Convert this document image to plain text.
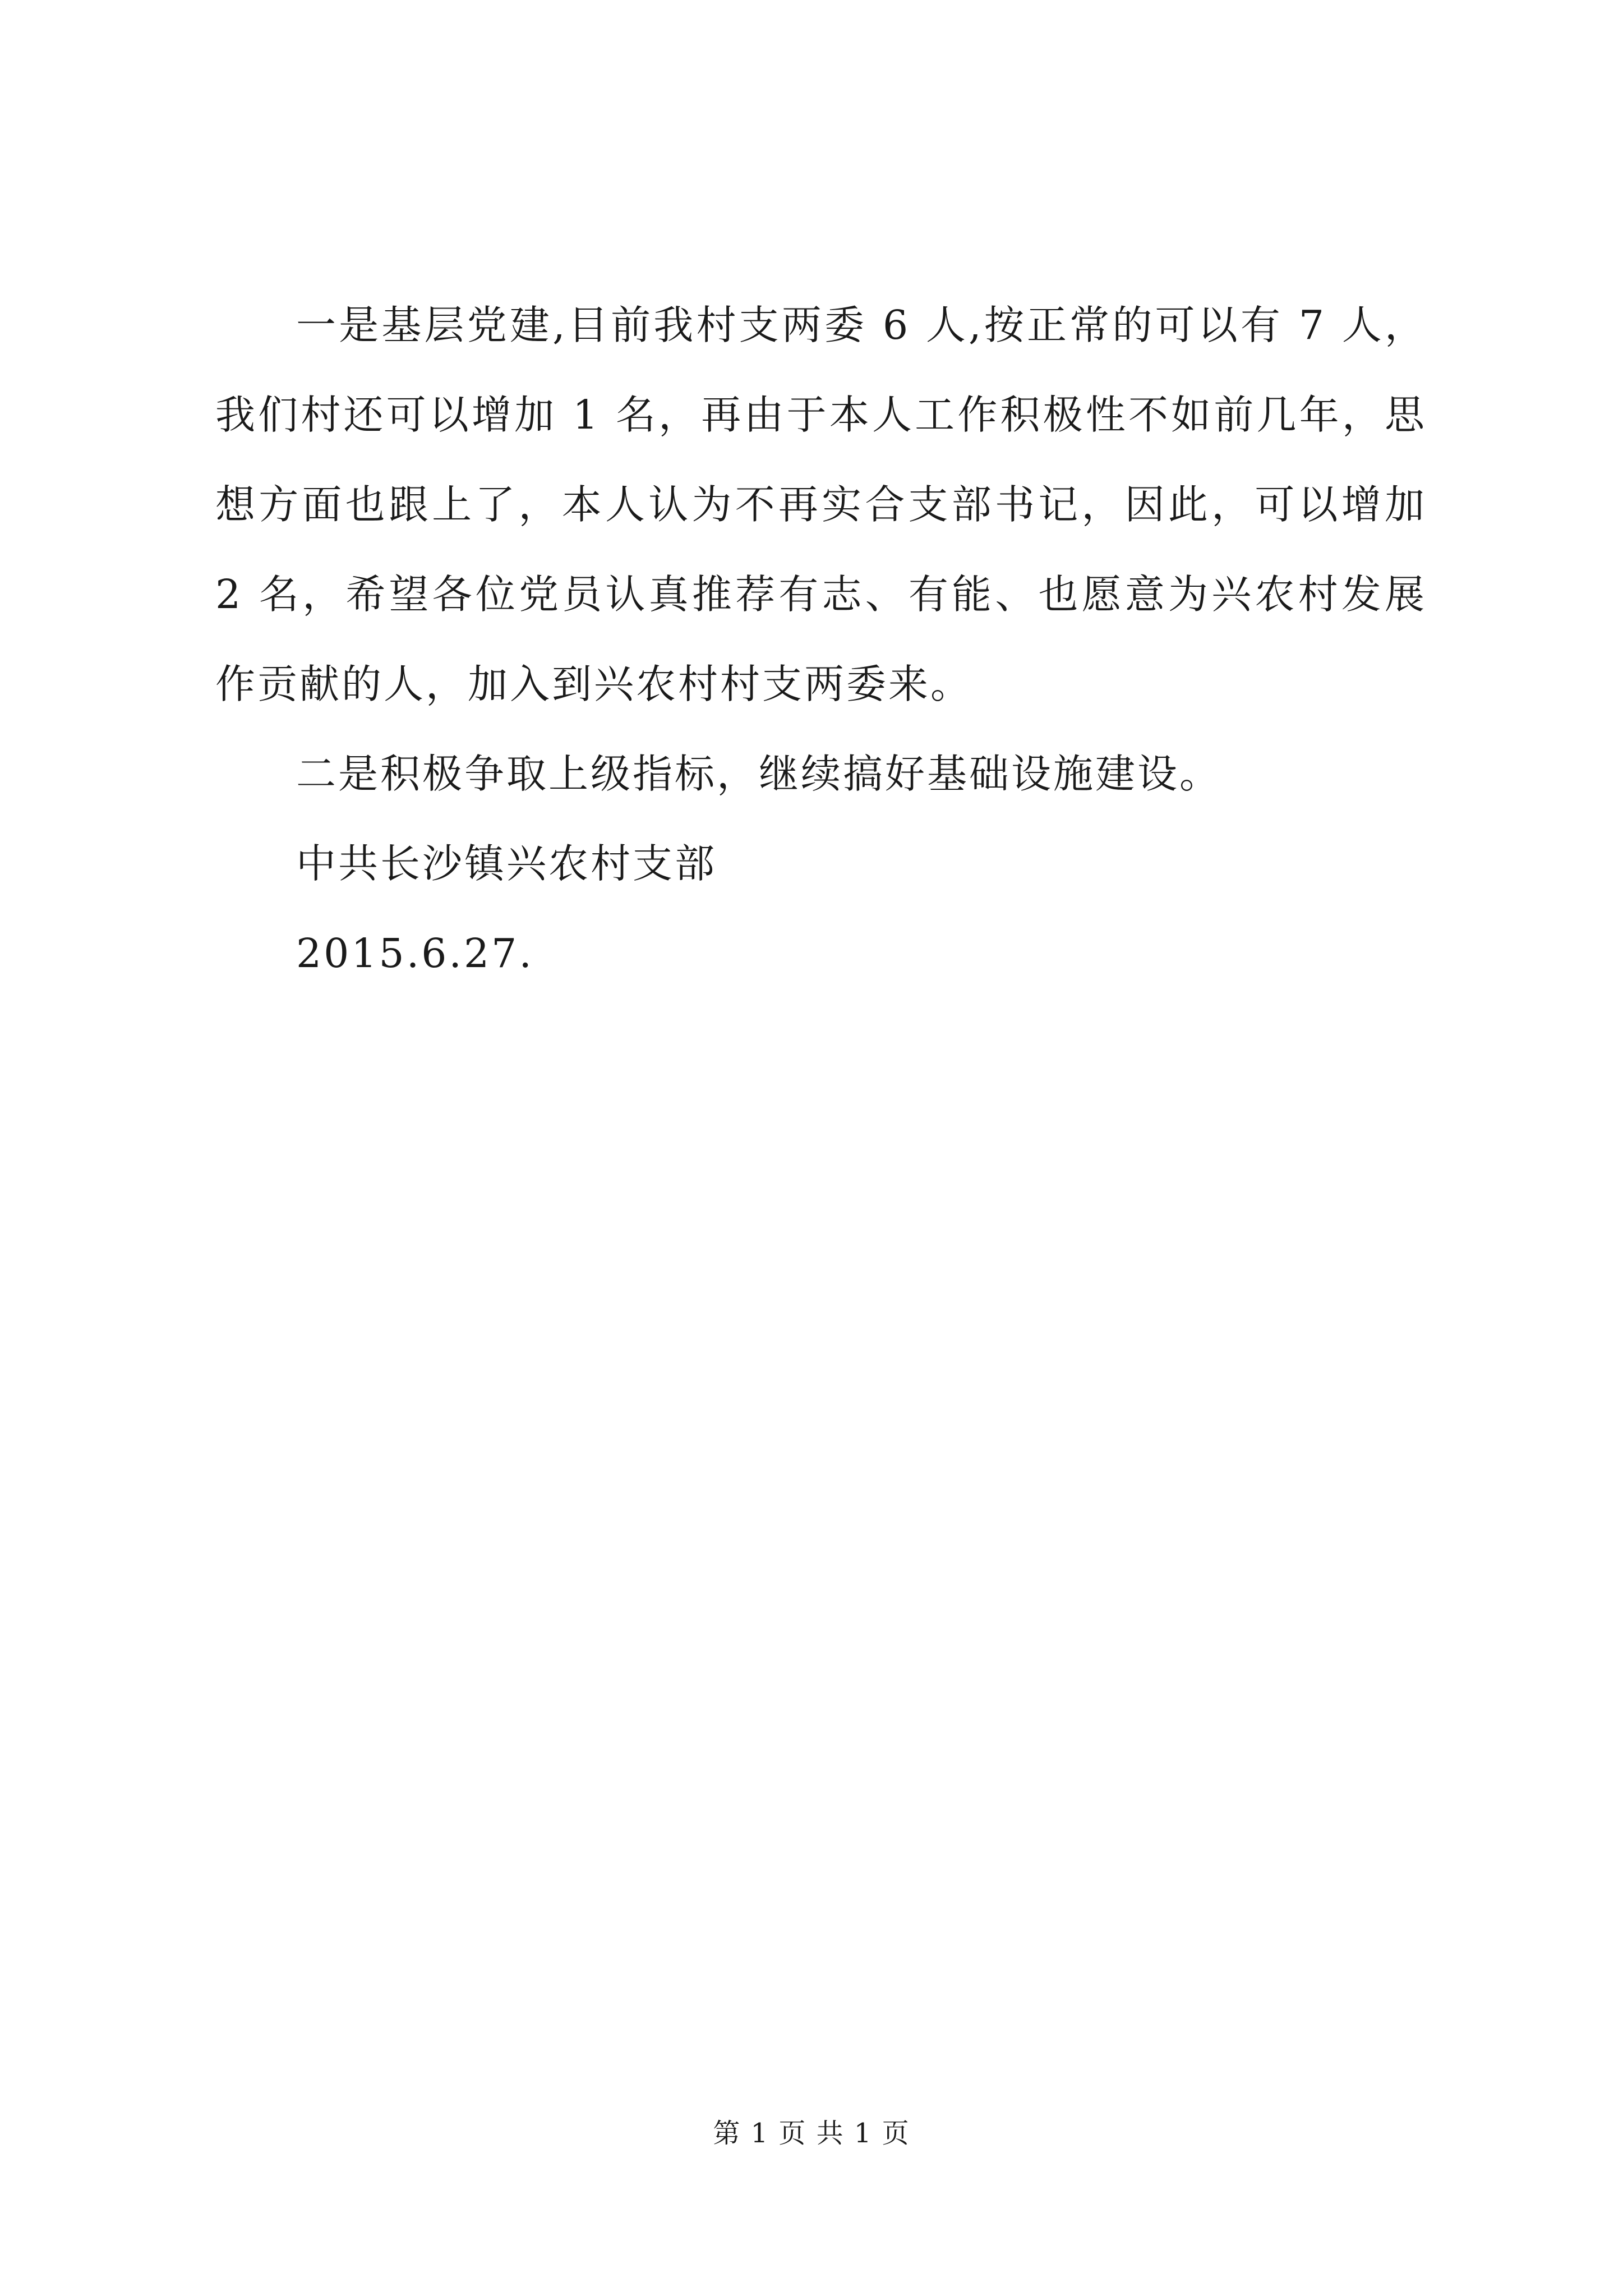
一是基层党建,目前我村支两委 6 人,按正常的可以有 7 人，我们村还可以增加 1 名，再由于本人工作积极性不如前几年，思想方面也跟上了，本人认为不再实合支部书记，因此，可以增加 2 名，希望各位党员认真推荐有志、有能、也愿意为兴农村发展作贡献的人，加入到兴农村村支两委来。

二是积极争取上级指标，继续搞好基础设施建设。

中共长沙镇兴农村支部

2015.6.27.

第 1 页 共 1 页
